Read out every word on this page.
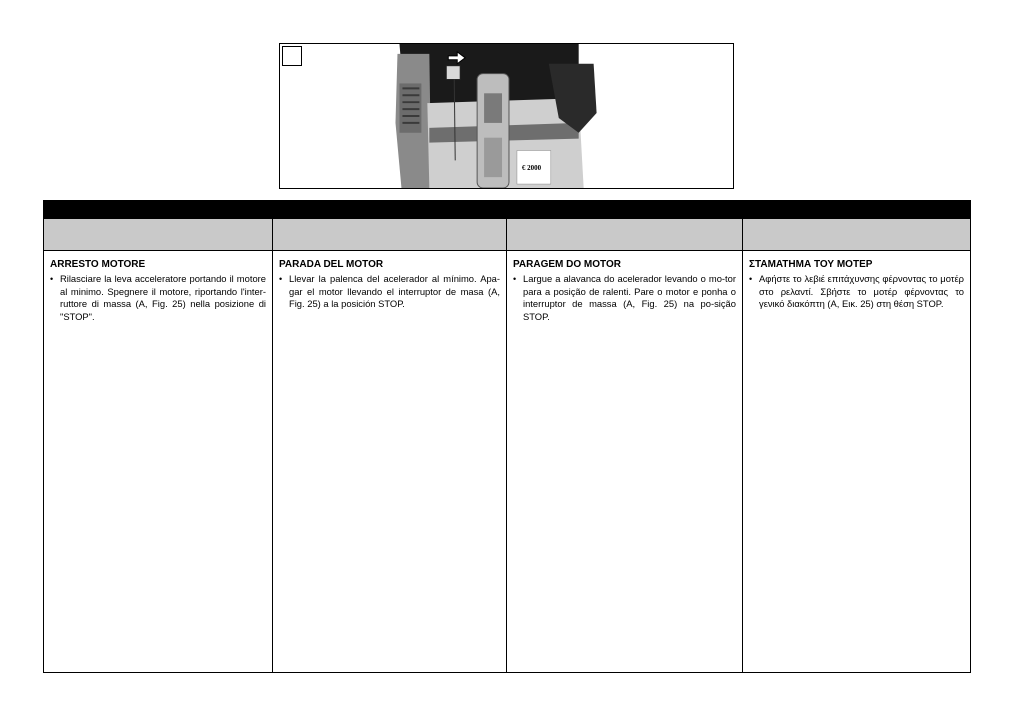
€ 2000
ARRESTO MOTORE
• Rilasciare la leva acceleratore portando il motore al minimo. Spegnere il motore, riportando l'inter-ruttore di massa (A, Fig. 25) nella posizione di "STOP".
PARADA DEL MOTOR
• Llevar la palenca del acelerador al mínimo. Apa-gar el motor llevando el interruptor de masa (A, Fig. 25) a la posición STOP.
PARAGEM DO MOTOR
• Largue a alavanca do acelerador levando o mo-tor para a posição de ralenti. Pare o motor e ponha o interruptor de massa (A, Fig. 25) na po-sição STOP.
ΣΤΑΜΑΤΗΜΑ ΤΟΥ ΜΟΤΕΡ
• Αφήστε το λεβιέ επιτάχυνσης φέρνοντας το μοτέρ στο ρελαντί. Σβήστε το μοτέρ φέρνοντας το γενικό διακόπτη (Α, Εικ. 25) στη θέση STOP.
